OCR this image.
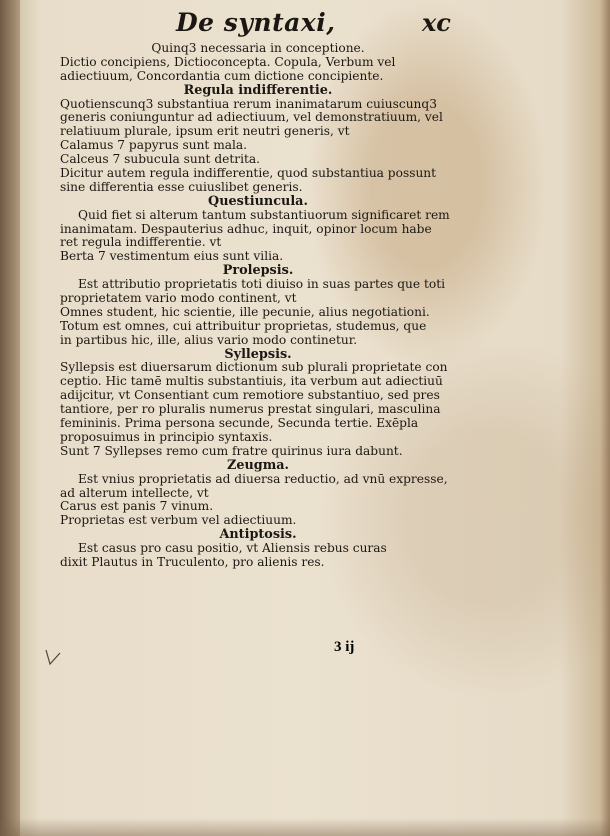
De syntaxi,	xc
Quinq3 necessaria in conceptione.
Dictio concipiens, Dictioconcepta. Copula, Verbum vel
adiectiuum, Concordantia cum dictione concipiente.
Regula indifferentie.
Quotienscunq3 substantiua rerum inanimatarum cuiuscunq3
generis coniunguntur ad adiectiuum, vel demonstratiuum, vel
relatiuum plurale, ipsum erit neutri generis, vt
Calamus 7 papyrus sunt mala.
Calceus 7 subucula sunt detrita.
Dicitur autem regula indifferentie, quod substantiua possunt
sine differentia esse cuiuslibet generis.
Questiuncula.
Quid fiet si alterum tantum substantiuorum significaret rem
inanimatam. Despauterius adhuc, inquit, opinor locum habe
ret regula indifferentie. vt
Berta 7 vestimentum eius sunt vilia.
Prolepsis.
Est attributio proprietatis toti diuiso in suas partes que toti
proprietatem vario modo continent, vt
Omnes student, hic scientie, ille pecunie, alius negotiationi.
Totum est omnes, cui attribuitur proprietas, studemus, que
in partibus hic, ille, alius vario modo continetur.
Syllepsis.
Syllepsis est diuersarum dictionum sub plurali proprietate con
ceptio. Hic tamē multis substantiuis, ita verbum aut adiectiuū
adijcitur, vt Consentiant cum remotiore substantiuo, sed pres
tantiore, per ro pluralis numerus prestat singulari, masculina
femininis. Prima persona secunde, Secunda tertie. Exēpla
proposuimus in principio syntaxis.
Sunt 7 Syllepses remo cum fratre quirinus iura dabunt.
Zeugma.
Est vnius proprietatis ad diuersa reductio, ad vnū expresse,
ad alterum intellecte, vt
Carus est panis 7 vinum.
Proprietas est verbum vel adiectiuum.
Antiptosis.
Est casus pro casu positio, vt Aliensis rebus curas
dixit Plautus in Truculento, pro alienis res.
3 ij
